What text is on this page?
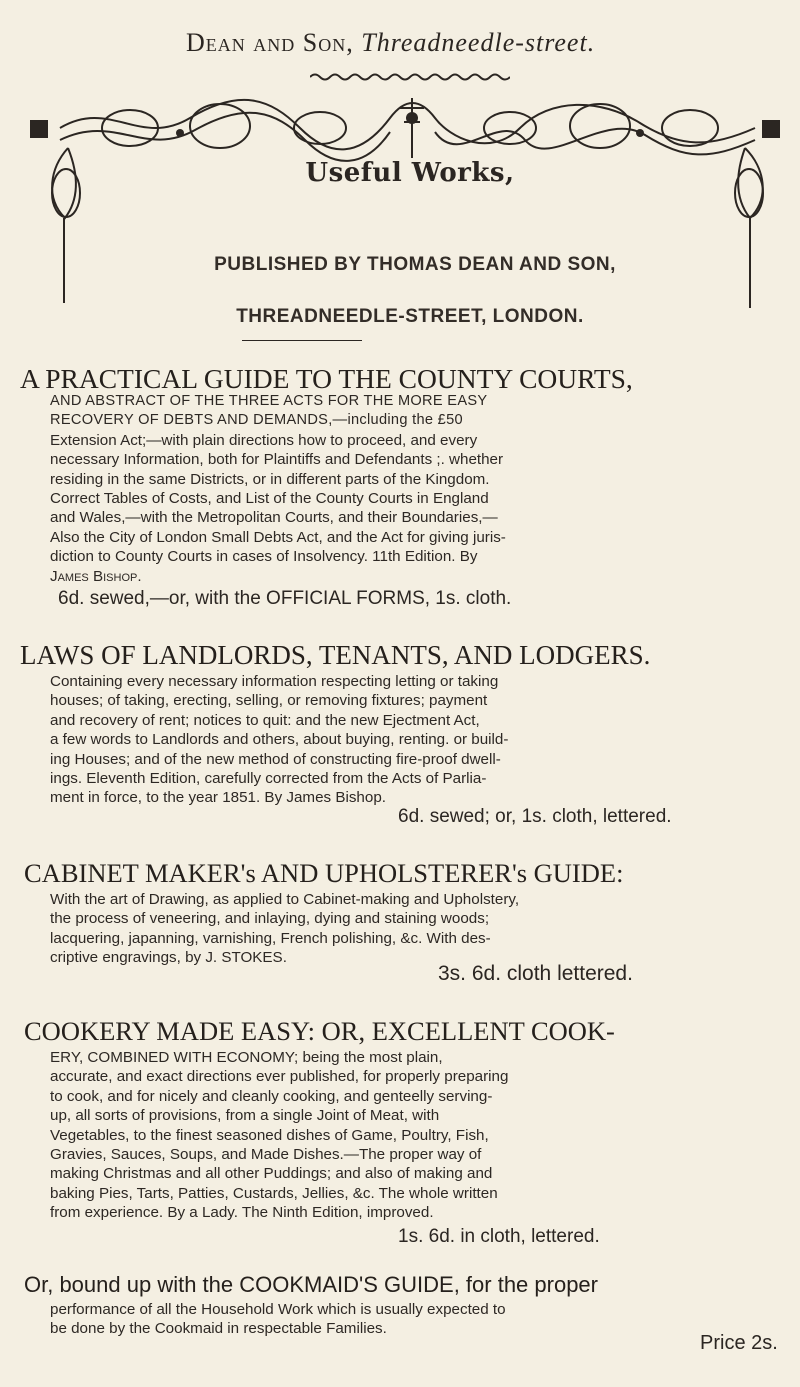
Dean and Son, Threadneedle-street.
Useful Works,
PUBLISHED BY THOMAS DEAN AND SON,
THREADNEEDLE-STREET, LONDON.
A PRACTICAL GUIDE TO THE COUNTY COURTS,
AND ABSTRACT OF THE THREE ACTS FOR THE MORE EASY
RECOVERY OF DEBTS AND DEMANDS,—including the £50
Extension Act;—with plain directions how to proceed, and every
necessary Information, both for Plaintiffs and Defendants ;. whether
residing in the same Districts, or in different parts of the Kingdom.
Correct Tables of Costs, and List of the County Courts in England
and Wales,—with the Metropolitan Courts, and their Boundaries,—
Also the City of London Small Debts Act, and the Act for giving juris-
diction to County Courts in cases of Insolvency. 11th Edition. By
James Bishop.
6d. sewed,—or, with the OFFICIAL FORMS, 1s. cloth.
LAWS OF LANDLORDS, TENANTS, AND LODGERS.
Containing every necessary information respecting letting or taking
houses; of taking, erecting, selling, or removing fixtures; payment
and recovery of rent; notices to quit: and the new Ejectment Act,
a few words to Landlords and others, about buying, renting. or build-
ing Houses; and of the new method of constructing fire-proof dwell-
ings. Eleventh Edition, carefully corrected from the Acts of Parlia-
ment in force, to the year 1851. By James Bishop.
6d. sewed; or, 1s. cloth, lettered.
CABINET MAKER's AND UPHOLSTERER's GUIDE:
With the art of Drawing, as applied to Cabinet-making and Upholstery,
the process of veneering, and inlaying, dying and staining woods;
lacquering, japanning, varnishing, French polishing, &c. With des-
criptive engravings, by J. STOKES.
3s. 6d. cloth lettered.
COOKERY MADE EASY: OR, EXCELLENT COOK-
ERY, COMBINED WITH ECONOMY; being the most plain,
accurate, and exact directions ever published, for properly preparing
to cook, and for nicely and cleanly cooking, and genteelly serving-
up, all sorts of provisions, from a single Joint of Meat, with
Vegetables, to the finest seasoned dishes of Game, Poultry, Fish,
Gravies, Sauces, Soups, and Made Dishes.—The proper way of
making Christmas and all other Puddings; and also of making and
baking Pies, Tarts, Patties, Custards, Jellies, &c. The whole written
from experience. By a Lady. The Ninth Edition, improved.
1s. 6d. in cloth, lettered.
Or, bound up with the COOKMAID'S GUIDE, for the proper
performance of all the Household Work which is usually expected to
be done by the Cookmaid in respectable Families.
Price 2s.
